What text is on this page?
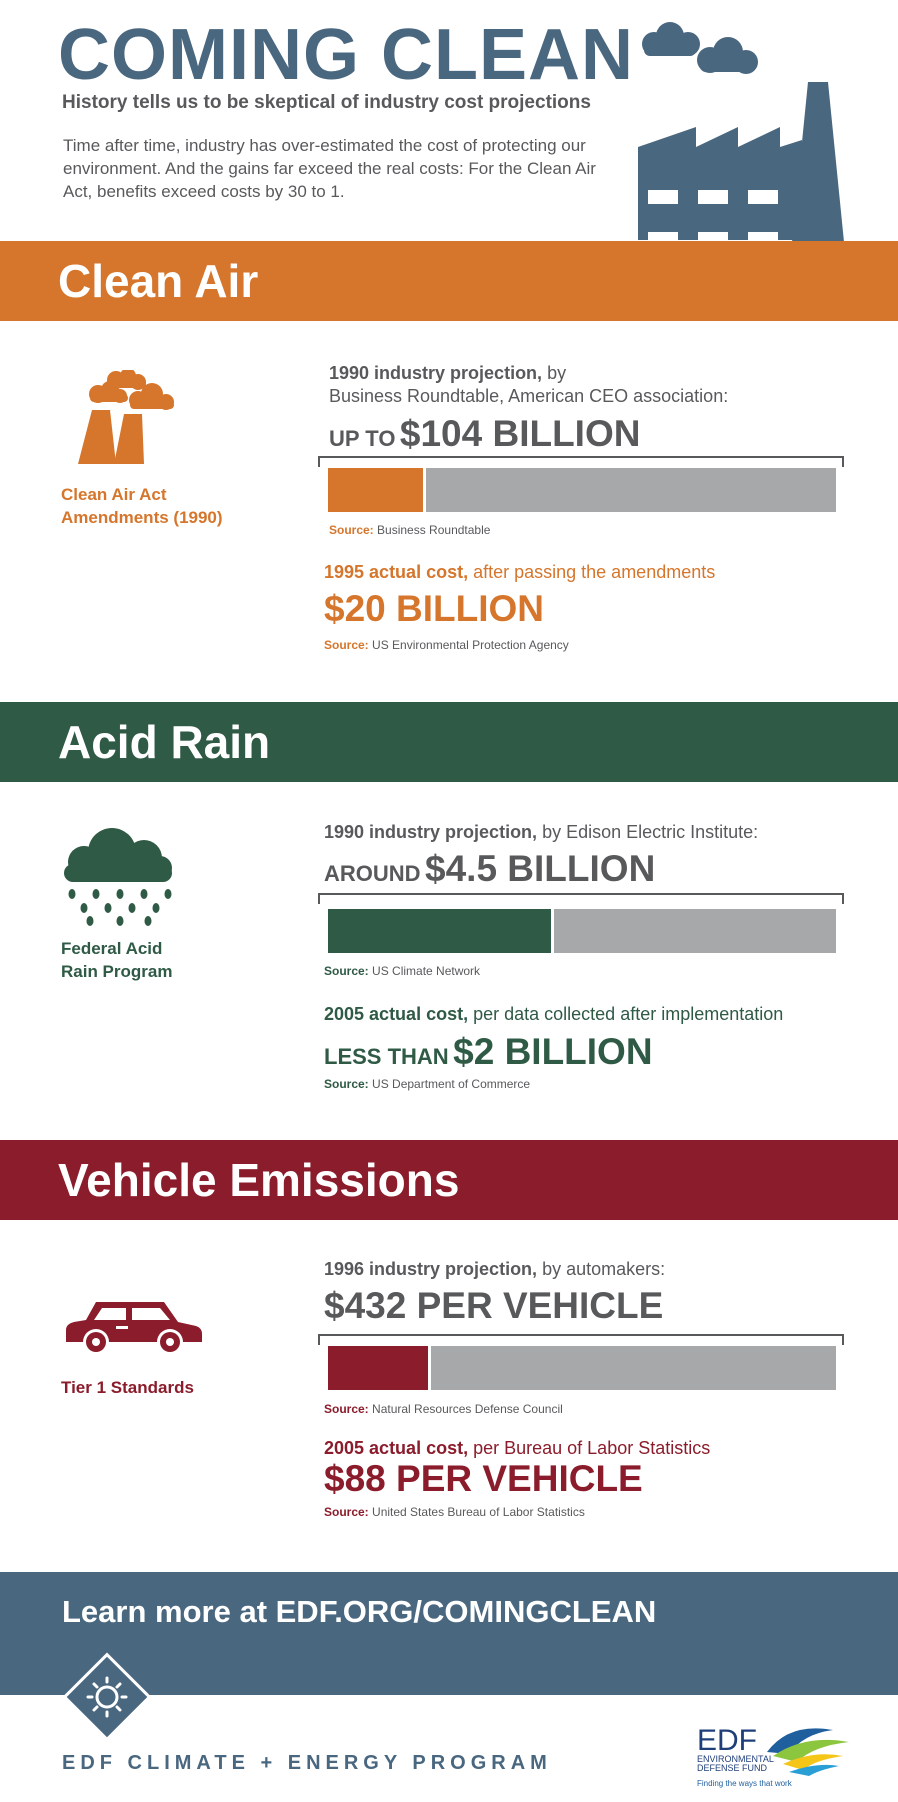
COMING CLEAN
History tells us to be skeptical of industry cost projections
Time after time, industry has over-estimated the cost of protecting our environment. And the gains far exceed the real costs: For the Clean Air Act, benefits exceed costs by 30 to 1.
Clean Air
Clean Air Act
Amendments (1990)
1990 industry projection, by
Business Roundtable, American CEO association:
UP TO $104 BILLION
Source: Business Roundtable
1995 actual cost, after passing the amendments
$20 BILLION
Source: US Environmental Protection Agency
Acid Rain
Federal Acid
Rain Program
1990 industry projection, by Edison Electric Institute:
AROUND $4.5 BILLION
Source: US Climate Network
2005 actual cost, per data collected after implementation
LESS THAN $2 BILLION
Source: US Department of Commerce
Vehicle Emissions
Tier 1 Standards
1996 industry projection, by automakers:
$432 PER VEHICLE
Source: Natural Resources Defense Council
2005 actual cost, per Bureau of Labor Statistics
$88 PER VEHICLE
Source: United States Bureau of Labor Statistics
Learn more at EDF.ORG/COMINGCLEAN
EDF CLIMATE + ENERGY PROGRAM
EDF
ENVIRONMENTAL
DEFENSE FUND
Finding the ways that work
